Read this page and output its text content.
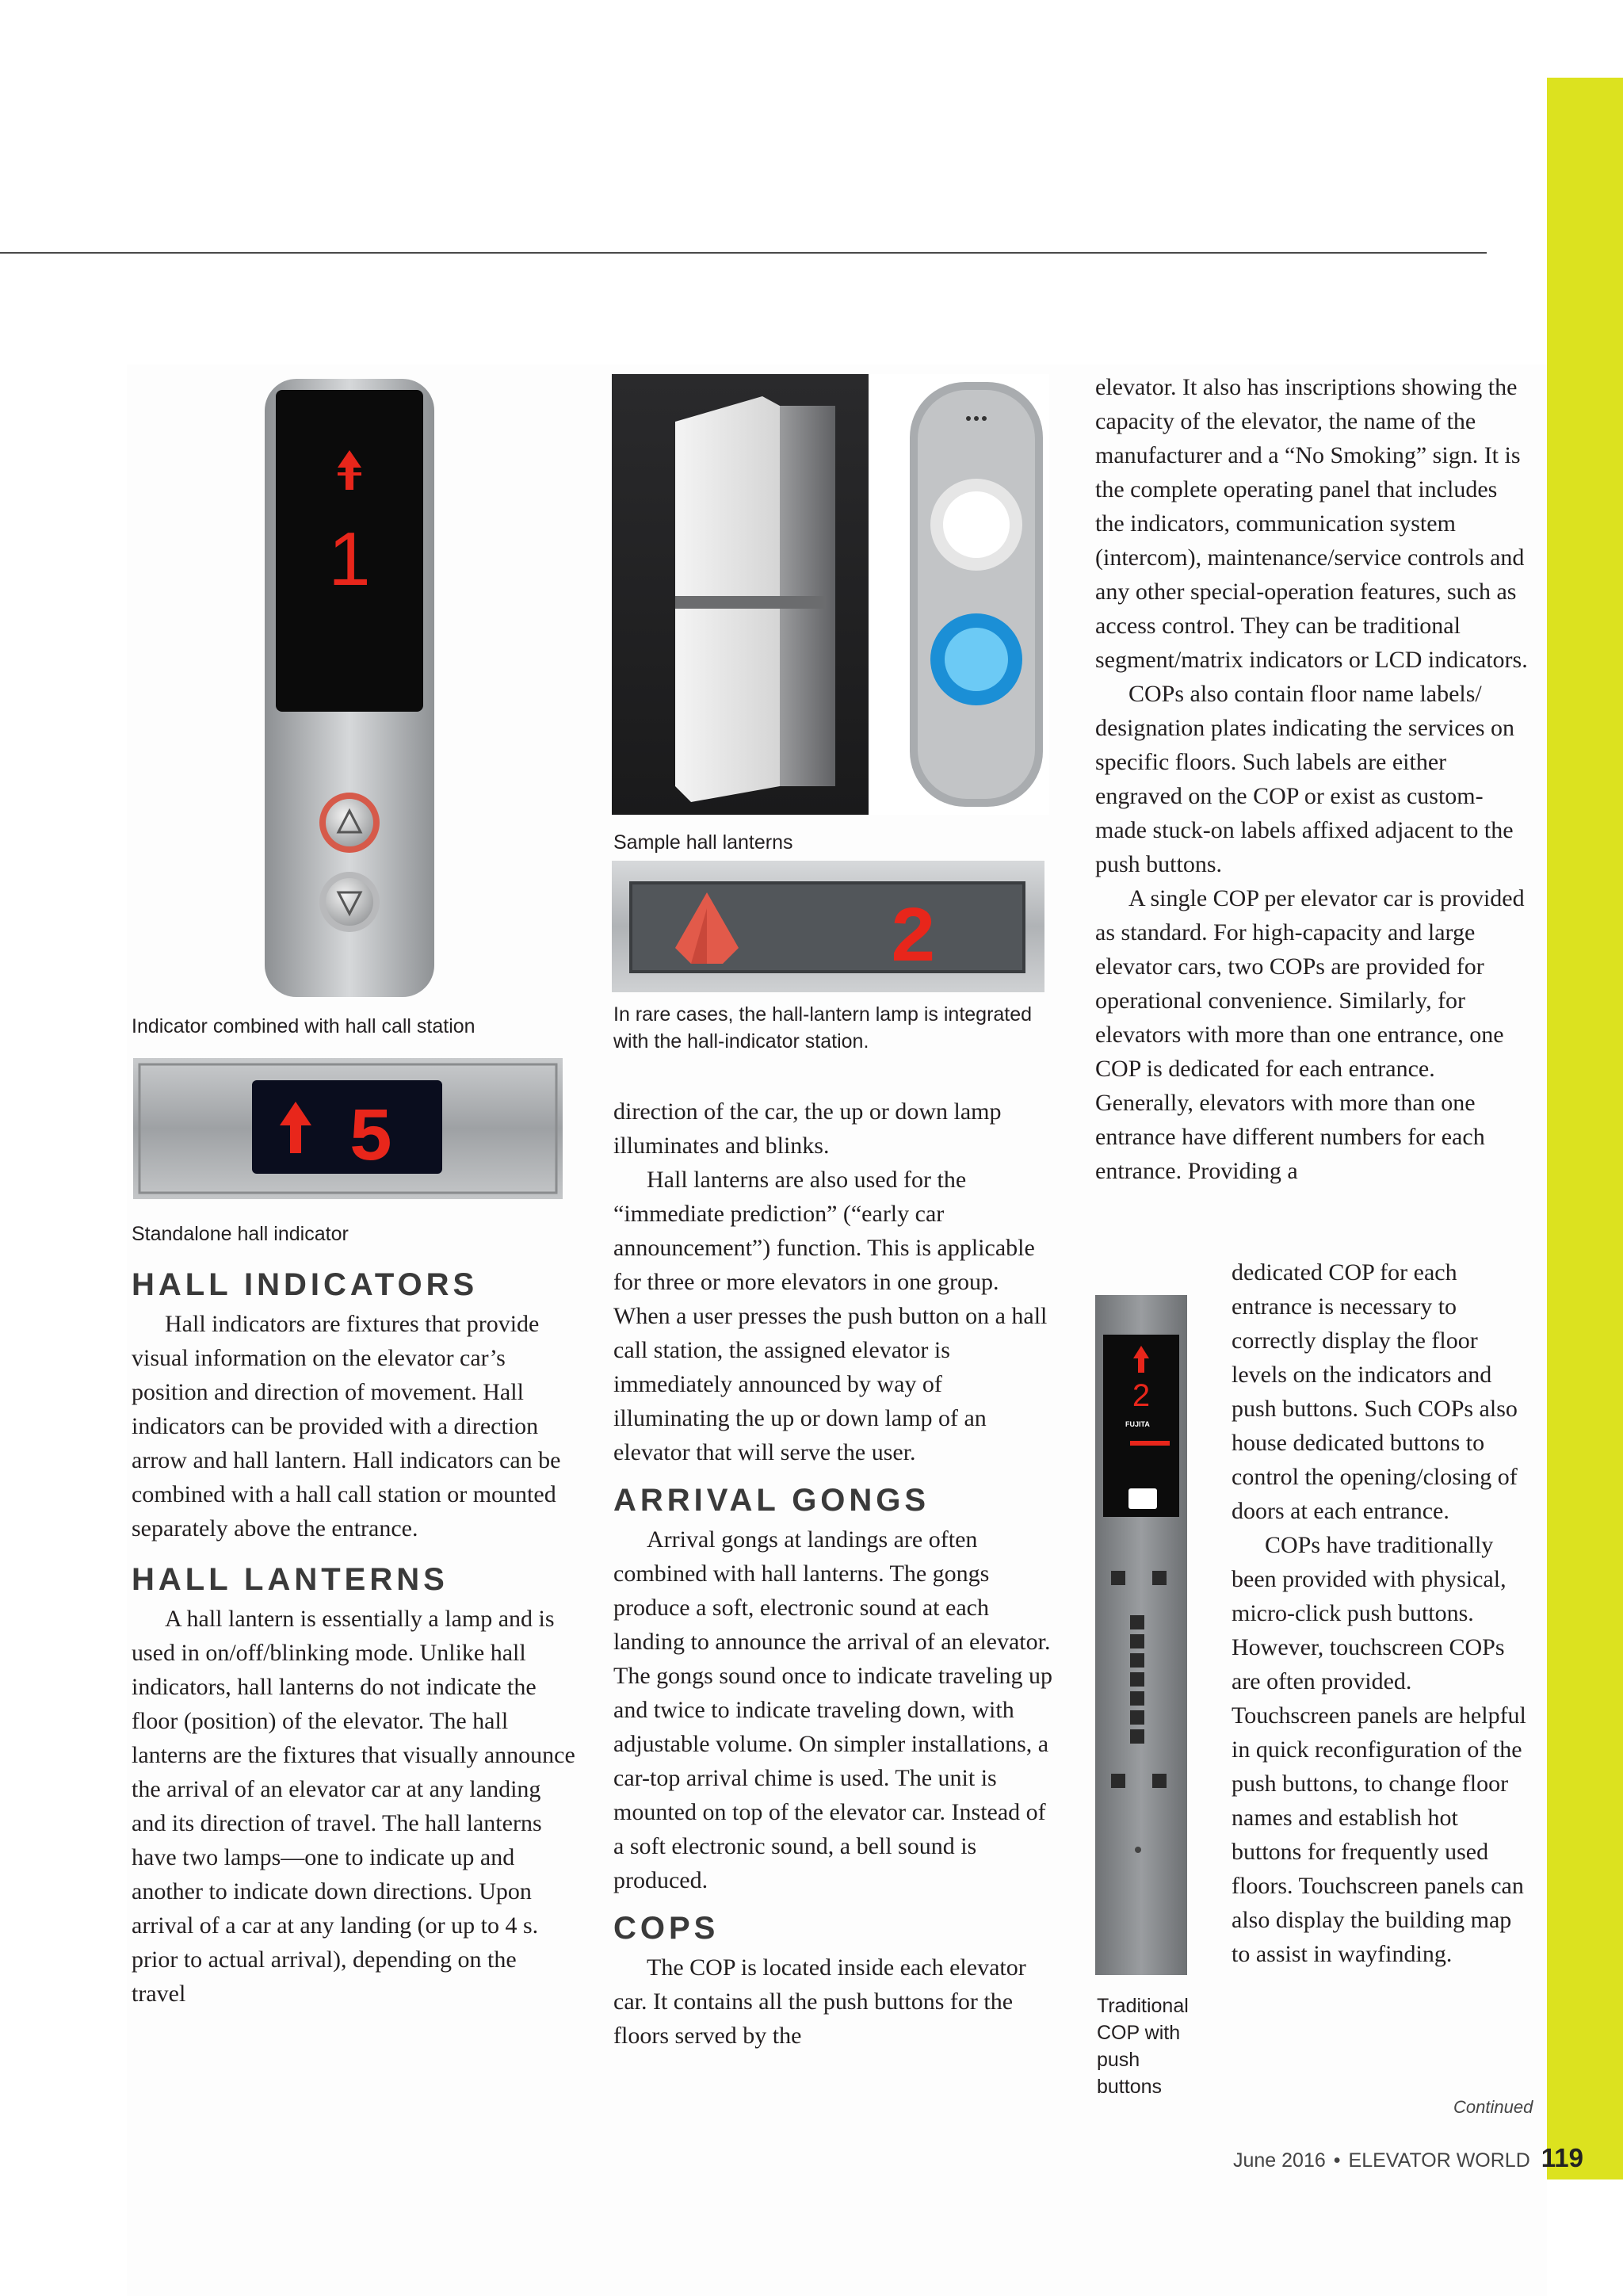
1
Indicator combined with hall call station
5
Standalone hall indicator
Sample hall lanterns
2
In rare cases, the hall-lantern lamp is integrated with the hall-indicator station.
2
FUJITA
Traditional COP with push buttons
HALL INDICATORS

Hall indicators are fixtures that provide visual information on the elevator car’s position and direction of movement. Hall indicators can be provided with a direction arrow and hall lantern. Hall indicators can be combined with a hall call station or mounted separately above the entrance.

HALL LANTERNS

A hall lantern is essentially a lamp and is used in on/off/blinking mode. Unlike hall indicators, hall lanterns do not indicate the floor (position) of the elevator. The hall lanterns are the fixtures that visually announce the arrival of an elevator car at any landing and its direction of travel. The hall lanterns have two lamps—one to indicate up and another to indicate down directions. Upon arrival of a car at any landing (or up to 4 s. prior to actual arrival), depending on the travel

direction of the car, the up or down lamp illuminates and blinks.

Hall lanterns are also used for the “immediate prediction” (“early car announcement”) function. This is applicable for three or more elevators in one group. When a user presses the push button on a hall call station, the assigned elevator is immediately announced by way of illuminating the up or down lamp of an elevator that will serve the user.

ARRIVAL GONGS

Arrival gongs at landings are often combined with hall lanterns. The gongs produce a soft, electronic sound at each landing to announce the arrival of an elevator. The gongs sound once to indicate traveling up and twice to indicate traveling down, with adjustable volume. On simpler installations, a car-top arrival chime is used. The unit is mounted on top of the elevator car. Instead of a soft electronic sound, a bell sound is produced.

COPS

The COP is located inside each elevator car. It contains all the push buttons for the floors served by the

elevator. It also has inscriptions showing the capacity of the elevator, the name of the manufacturer and a “No Smoking” sign. It is the complete operating panel that includes the indicators, communication system (intercom), maintenance/service controls and any other special-operation features, such as access control. They can be traditional segment/matrix indicators or LCD indicators.

COPs also contain floor name labels/ designation plates indicating the services on specific floors. Such labels are either engraved on the COP or exist as custom-made stuck-on labels affixed adjacent to the push buttons.

A single COP per elevator car is provided as standard. For high-capacity and large elevator cars, two COPs are provided for operational convenience. Similarly, for elevators with more than one entrance, one COP is dedicated for each entrance. Generally, elevators with more than one entrance have different numbers for each entrance. Providing a

dedicated COP for each entrance is necessary to correctly display the floor levels on the indicators and push buttons. Such COPs also house dedicated buttons to control the opening/closing of doors at each entrance.

COPs have traditionally been provided with physical, micro-click push buttons. However, touchscreen COPs are often provided. Touchscreen panels are helpful in quick reconfiguration of the push buttons, to change floor names and establish hot buttons for frequently used floors. Touchscreen panels can also display the building map to assist in wayfinding.

Continued
June 2016 • ELEVATOR WORLD 119
